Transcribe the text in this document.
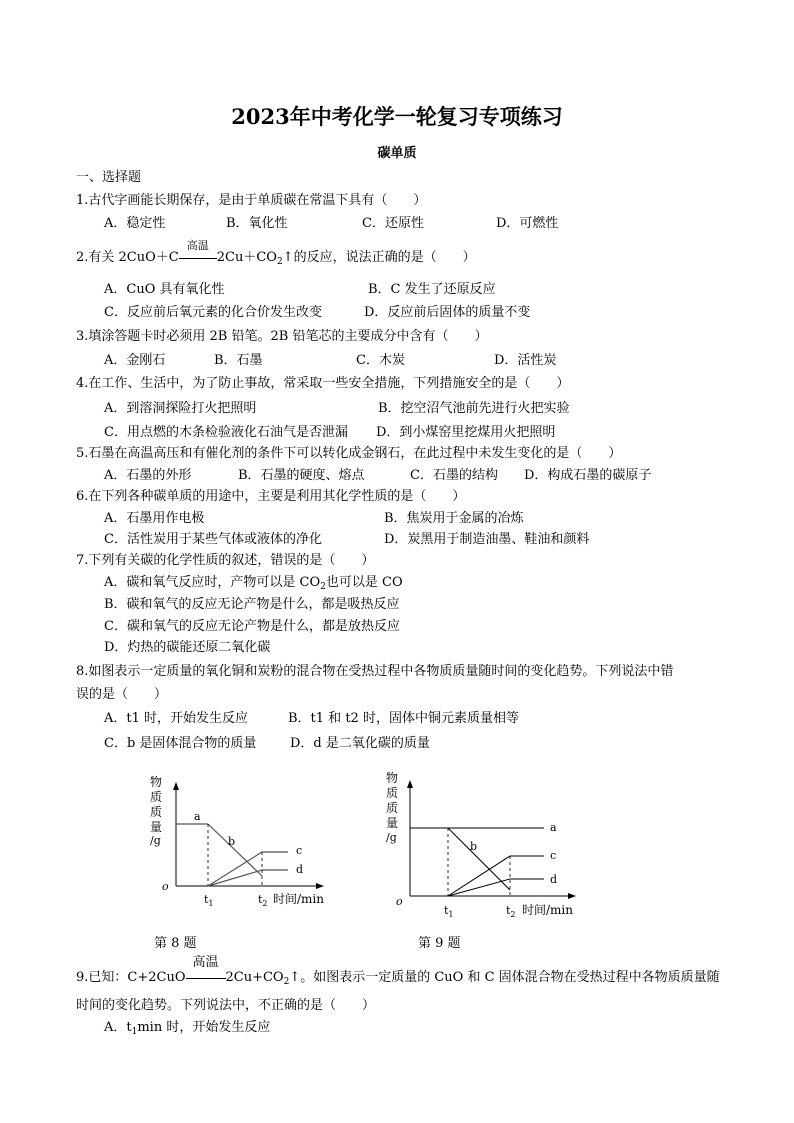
2023年中考化学一轮复习专项练习
碳单质
一、选择题
1.古代字画能长期保存，是由于单质碳在常温下具有（　　）
A．稳定性	B．氧化性	C．还原性	D．可燃性
2.有关 2CuO＋C
高温
$2Cu+CO_2↑$的反应，说法正确的是（　　）
A．CuO 具有氧化性	B．C 发生了还原反应
C．反应前后氧元素的化合价发生改变	D．反应前后固体的质量不变
3.填涂答题卡时必须用 2B 铅笔。2B 铅笔芯的主要成分中含有（　　）
A．金刚石	B．石墨	C．木炭	D．活性炭
4.在工作、生活中，为了防止事故，常采取一些安全措施，下列措施安全的是（　　）
A．到溶洞探险打火把照明	B．挖空沼气池前先进行火把实验
C．用点燃的木条检验液化石油气是否泄漏 D．到小煤窑里挖煤用火把照明
5.石墨在高温高压和有催化剂的条件下可以转化成金钢石，在此过程中未发生变化的是（　　）
A．石墨的外形	B．石墨的硬度、熔点	C．石墨的结构 D．构成石墨的碳原子
6.在下列各种碳单质的用途中，主要是利用其化学性质的是（　　）
A．石墨用作电极	B．焦炭用于金属的冶炼
C．活性炭用于某些气体或液体的净化	D．炭黑用于制造油墨、鞋油和颜料
7.下列有关碳的化学性质的叙述，错误的是（　　）
A．碳和氧气反应时，产物可以是 $CO_2$也可以是 CO
B．碳和氧气的反应无论产物是什么，都是吸热反应
C．碳和氧气的反应无论产物是什么，都是放热反应
D．灼热的碳能还原二氧化碳
8.如图表示一定质量的氧化铜和炭粉的混合物在受热过程中各物质质量随时间的变化趋势。下列说法中错
误的是（　　）
A．t1 时，开始发生反应	B．t1 和 t2 时，固体中铜元素质量相等
C．b 是固体混合物的质量	D．d 是二氧化碳的质量
物
质
质
量
/g
o
a
b
c
d
$t_1$	$t_2$ 时间/min
第 8 题
物
质
质
量
/g
o
a
b
c
d
$t_1$	$t_2$ 时间/min
第 9 题
9.已知：C+2CuO
高温
$2Cu+CO_2↑$。如图表示一定质量的 CuO 和 C 固体混合物在受热过程中各物质质量随
时间的变化趋势。下列说法中，不正确的是（　　）
A．$t_1\min$ 时，开始发生反应
